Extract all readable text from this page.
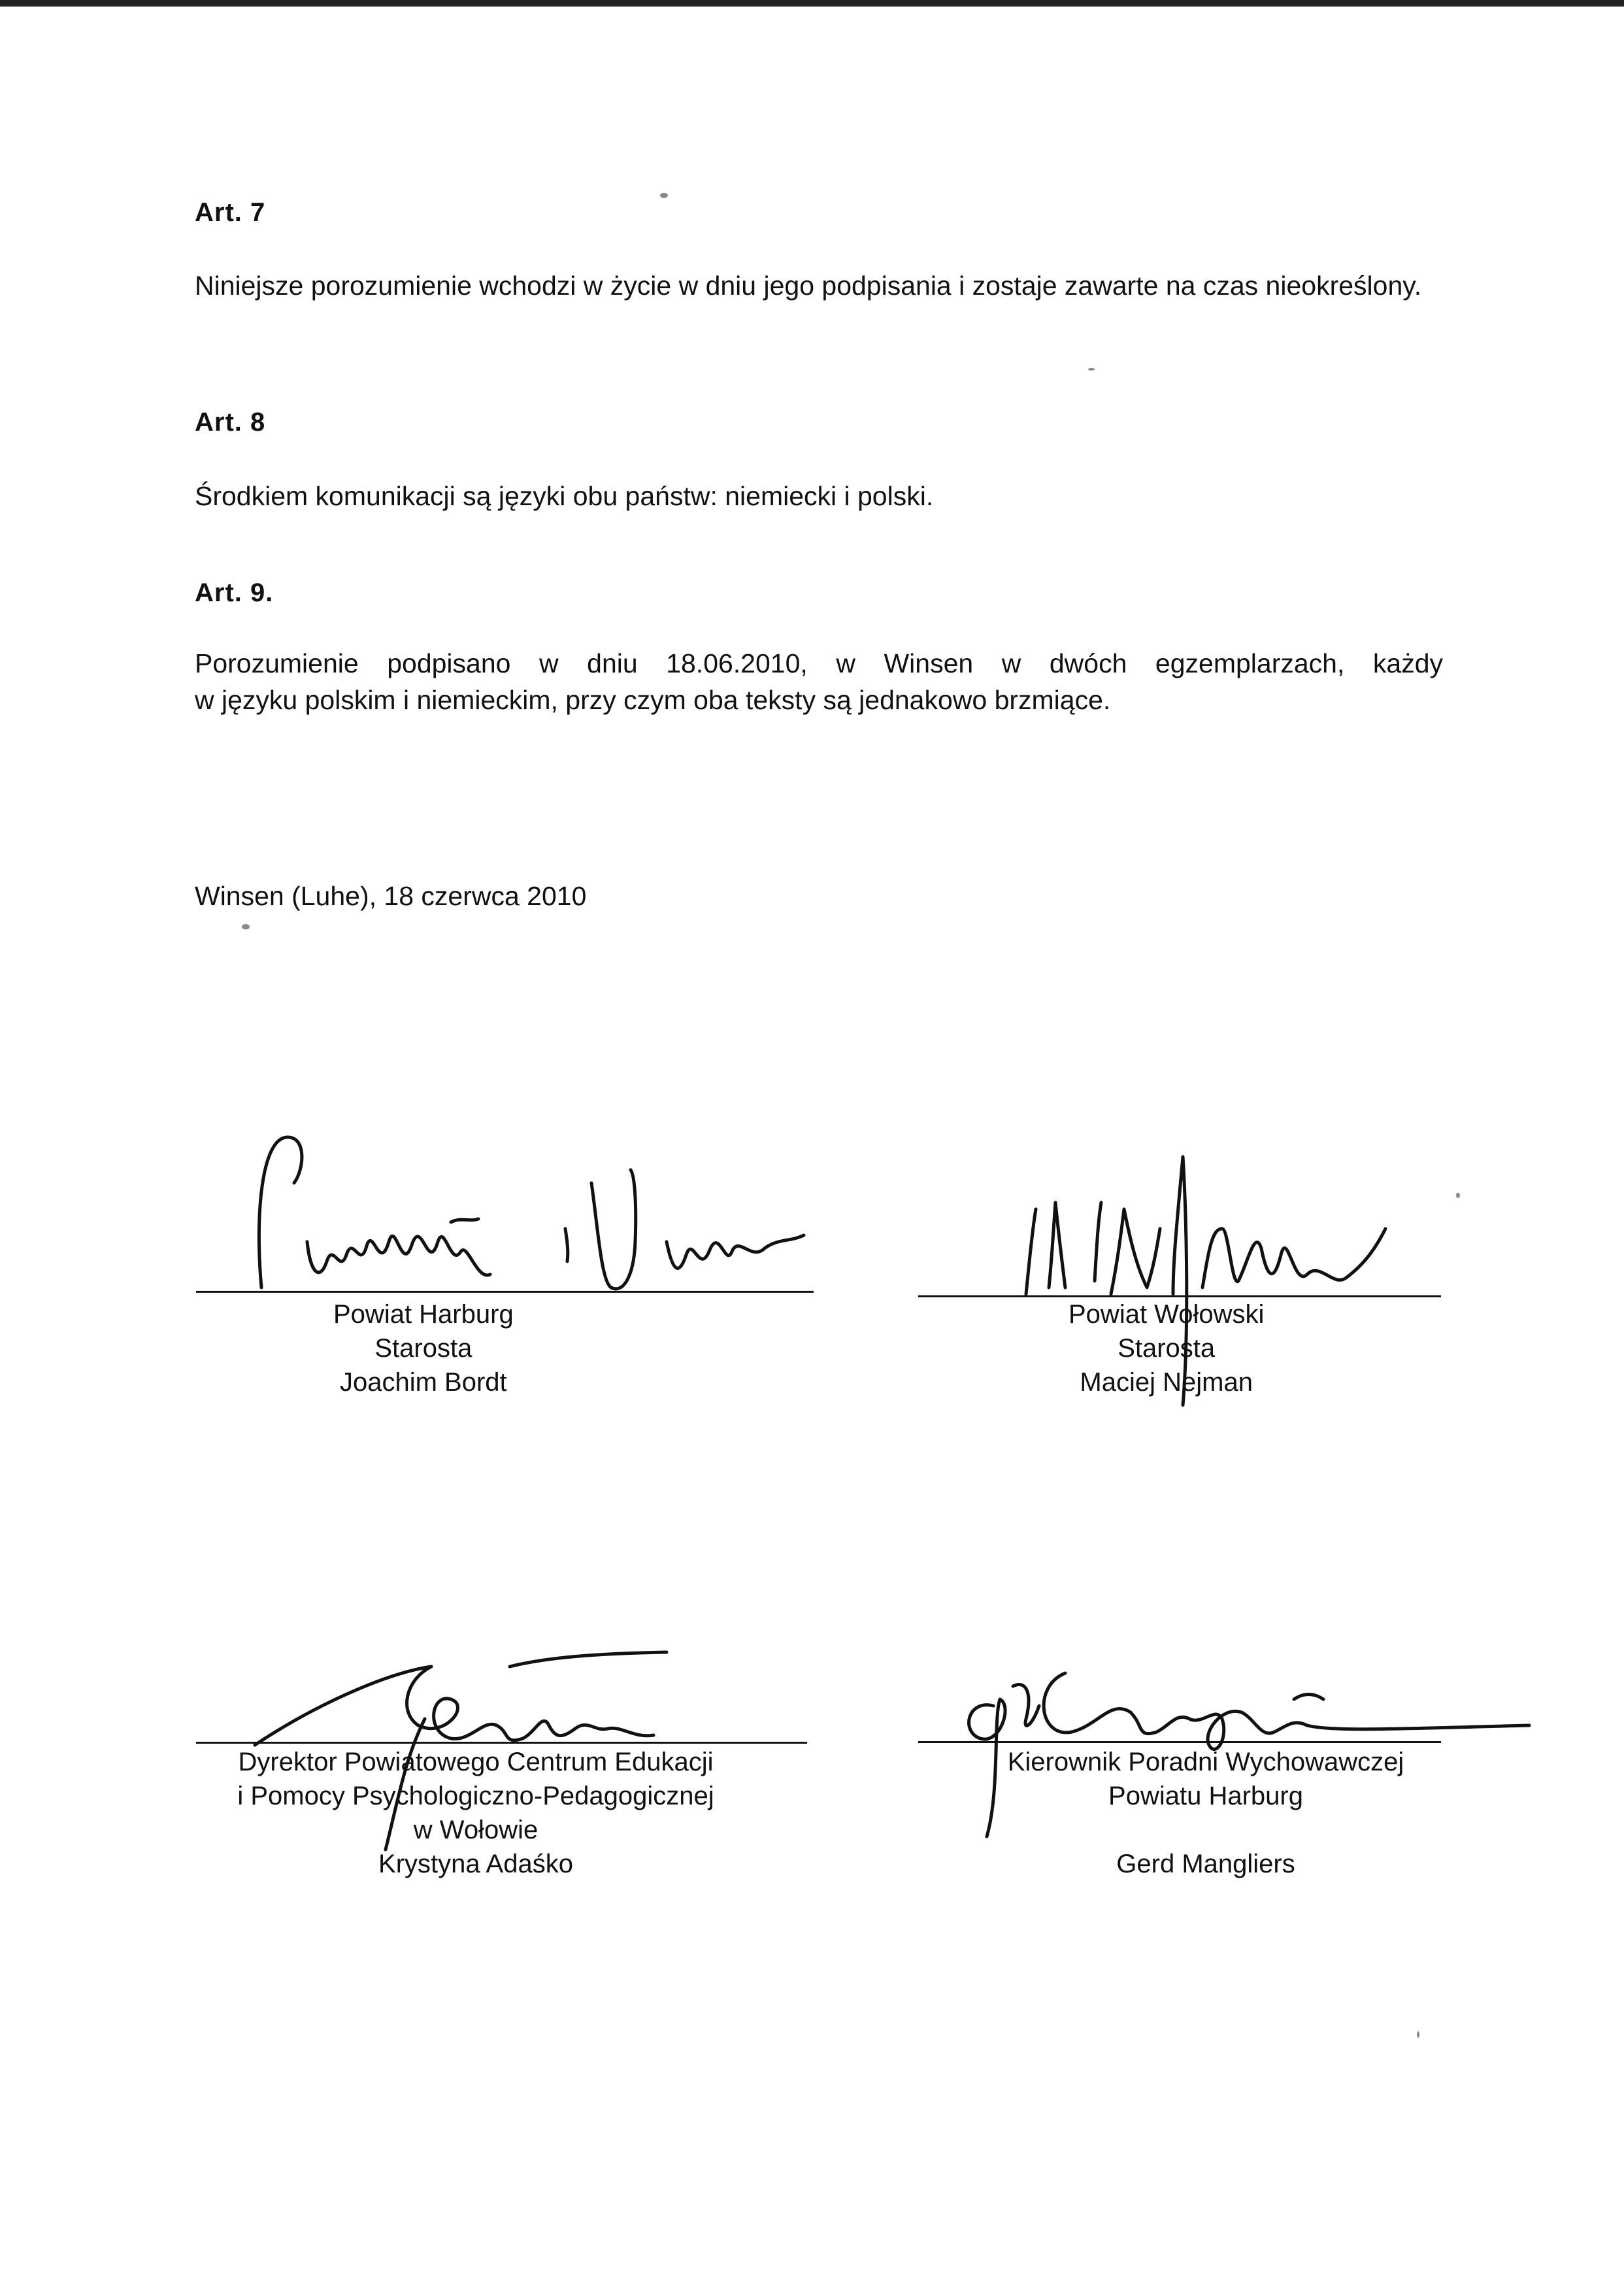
Art. 7

Niniejsze porozumienie wchodzi w życie w dniu jego podpisania i zostaje zawarte na czas nieokreślony.

Art. 8

Środkiem komunikacji są języki obu państw: niemiecki i polski.

Art. 9.

Porozumienie podpisano w dniu 18.06.2010, w Winsen w dwóch egzemplarzach, każdy

w języku polskim i niemieckim, przy czym oba teksty są jednakowo brzmiące.

Winsen (Luhe), 18 czerwca 2010
Powiat Harburg
Starosta
Joachim Bordt
Powiat Wołowski
Starosta
Maciej Nejman
Dyrektor Powiatowego Centrum Edukacji
i Pomocy Psychologiczno-Pedagogicznej
w Wołowie
Krystyna Adaśko
Kierownik Poradni Wychowawczej
Powiatu Harburg
Gerd Mangliers
